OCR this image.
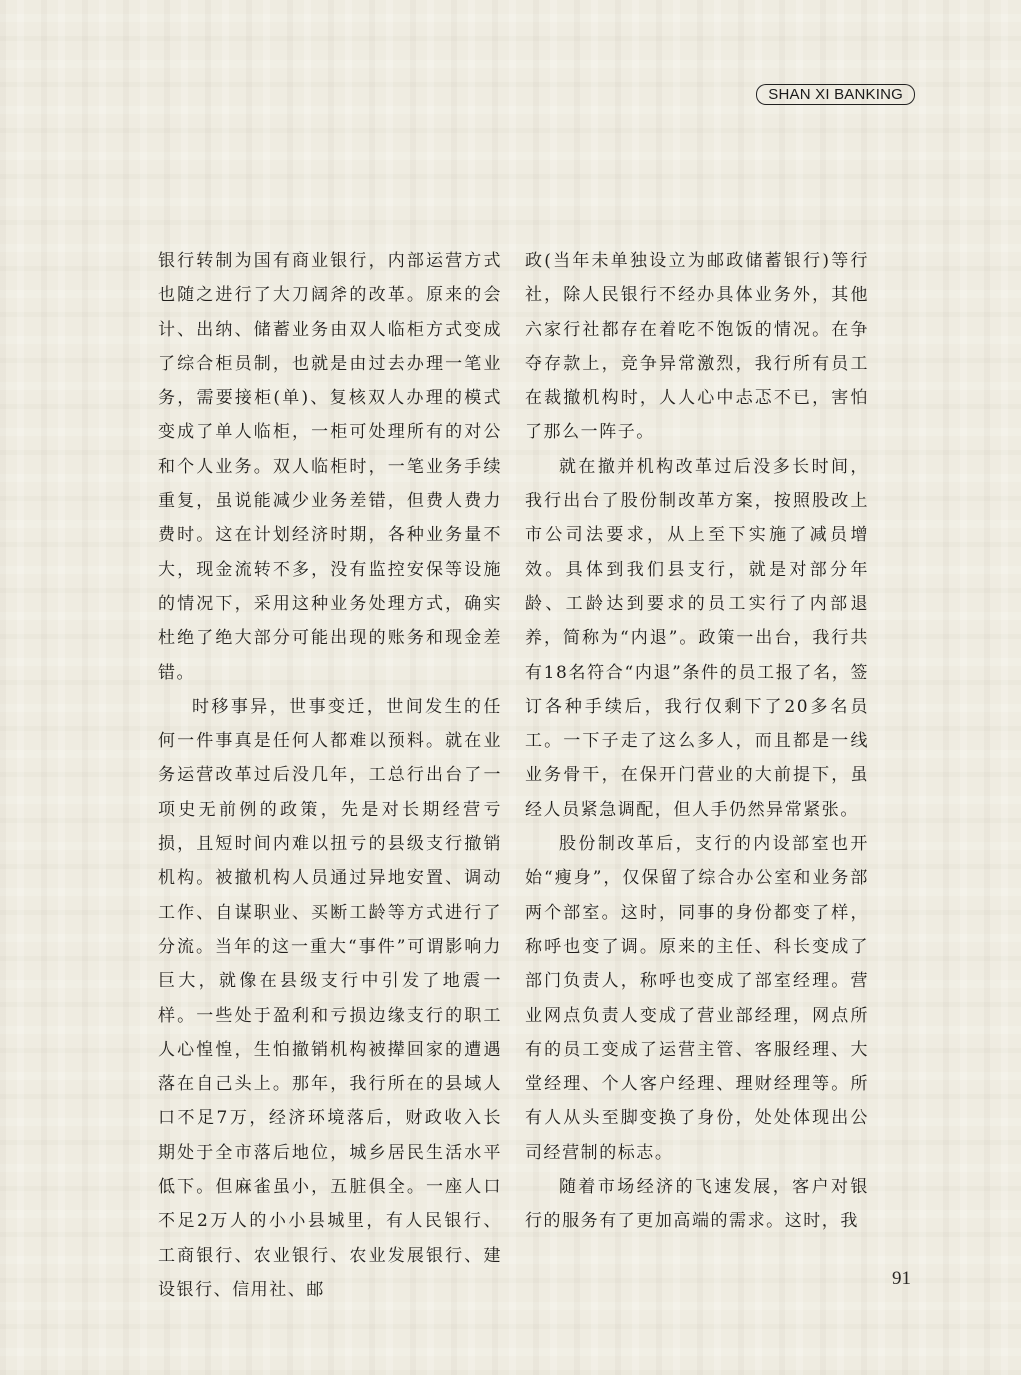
SHAN XI BANKING

银行转制为国有商业银行，内部运营方式也随之进行了大刀阔斧的改革。原来的会计、出纳、储蓄业务由双人临柜方式变成了综合柜员制，也就是由过去办理一笔业务，需要接柜(单)、复核双人办理的模式变成了单人临柜，一柜可处理所有的对公和个人业务。双人临柜时，一笔业务手续重复，虽说能减少业务差错，但费人费力费时。这在计划经济时期，各种业务量不大，现金流转不多，没有监控安保等设施的情况下，采用这种业务处理方式，确实杜绝了绝大部分可能出现的账务和现金差错。

时移事异，世事变迁，世间发生的任何一件事真是任何人都难以预料。就在业务运营改革过后没几年，工总行出台了一项史无前例的政策，先是对长期经营亏损，且短时间内难以扭亏的县级支行撤销机构。被撤机构人员通过异地安置、调动工作、自谋职业、买断工龄等方式进行了分流。当年的这一重大“事件”可谓影响力巨大，就像在县级支行中引发了地震一样。一些处于盈利和亏损边缘支行的职工人心惶惶，生怕撤销机构被撵回家的遭遇落在自己头上。那年，我行所在的县域人口不足7万，经济环境落后，财政收入长期处于全市落后地位，城乡居民生活水平低下。但麻雀虽小，五脏俱全。一座人口不足2万人的小小县城里，有人民银行、工商银行、农业银行、农业发展银行、建设银行、信用社、邮

政(当年未单独设立为邮政储蓄银行)等行社，除人民银行不经办具体业务外，其他六家行社都存在着吃不饱饭的情况。在争夺存款上，竞争异常激烈，我行所有员工在裁撤机构时，人人心中忐忑不已，害怕了那么一阵子。

就在撤并机构改革过后没多长时间，我行出台了股份制改革方案，按照股改上市公司法要求，从上至下实施了减员增效。具体到我们县支行，就是对部分年龄、工龄达到要求的员工实行了内部退养，简称为“内退”。政策一出台，我行共有18名符合“内退”条件的员工报了名，签订各种手续后，我行仅剩下了20多名员工。一下子走了这么多人，而且都是一线业务骨干，在保开门营业的大前提下，虽经人员紧急调配，但人手仍然异常紧张。

股份制改革后，支行的内设部室也开始“瘦身”，仅保留了综合办公室和业务部两个部室。这时，同事的身份都变了样，称呼也变了调。原来的主任、科长变成了部门负责人，称呼也变成了部室经理。营业网点负责人变成了营业部经理，网点所有的员工变成了运营主管、客服经理、大堂经理、个人客户经理、理财经理等。所有人从头至脚变换了身份，处处体现出公司经营制的标志。

随着市场经济的飞速发展，客户对银行的服务有了更加高端的需求。这时，我

91
